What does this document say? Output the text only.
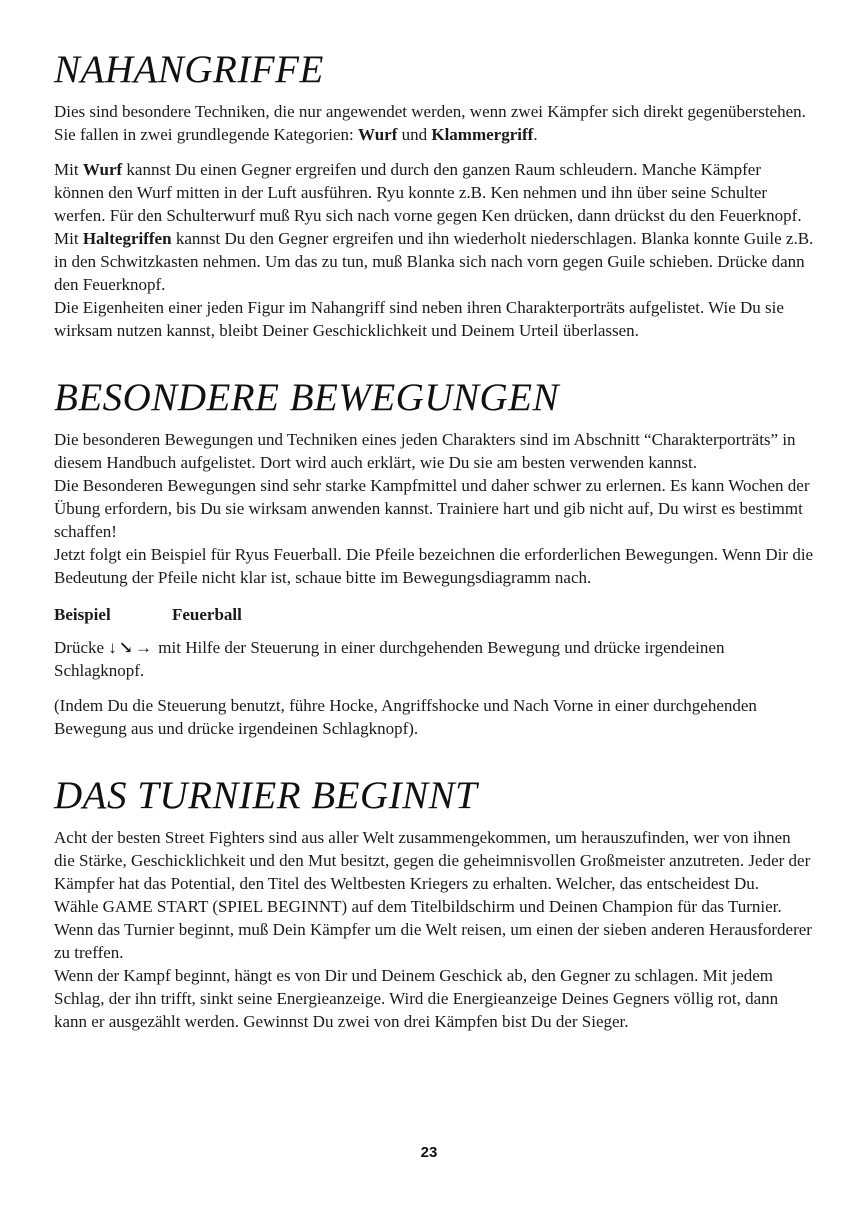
NAHANGRIFFE

Dies sind besondere Techniken, die nur angewendet werden, wenn zwei Kämpfer sich direkt gegenüberstehen. Sie fallen in zwei grundlegende Kategorien: Wurf und Klammergriff.

Mit Wurf kannst Du einen Gegner ergreifen und durch den ganzen Raum schleudern. Manche Kämpfer können den Wurf mitten in der Luft ausführen. Ryu konnte z.B. Ken nehmen und ihn über seine Schulter werfen. Für den Schulterwurf muß Ryu sich nach vorne gegen Ken drücken, dann drückst du den Feuerknopf.

Mit Haltegriffen kannst Du den Gegner ergreifen und ihn wiederholt niederschlagen. Blanka konnte Guile z.B. in den Schwitzkasten nehmen. Um das zu tun, muß Blanka sich nach vorn gegen Guile schieben. Drücke dann den Feuerknopf.

Die Eigenheiten einer jeden Figur im Nahangriff sind neben ihren Charakterporträts aufgelistet. Wie Du sie wirksam nutzen kannst, bleibt Deiner Geschicklichkeit und Deinem Urteil überlassen.

BESONDERE BEWEGUNGEN

Die besonderen Bewegungen und Techniken eines jeden Charakters sind im Abschnitt “Charakterporträts” in diesem Handbuch aufgelistet. Dort wird auch erklärt, wie Du sie am besten verwenden kannst.

Die Besonderen Bewegungen sind sehr starke Kampfmittel und daher schwer zu erlernen. Es kann Wochen der Übung erfordern, bis Du sie wirksam anwenden kannst. Trainiere hart und gib nicht auf, Du wirst es bestimmt schaffen!

Jetzt folgt ein Beispiel für Ryus Feuerball. Die Pfeile bezeichnen die erforderlichen Bewegungen. Wenn Dir die Bedeutung der Pfeile nicht klar ist, schaue bitte im Bewegungsdiagramm nach.

Beispiel	Feuerball

Drücke ↓↘→ mit Hilfe der Steuerung in einer durchgehenden Bewegung und drücke irgendeinen Schlagknopf.

(Indem Du die Steuerung benutzt, führe Hocke, Angriffshocke und Nach Vorne in einer durchgehenden Bewegung aus und drücke irgendeinen Schlagknopf).

DAS TURNIER BEGINNT

Acht der besten Street Fighters sind aus aller Welt zusammengekommen, um herauszufinden, wer von ihnen die Stärke, Geschicklichkeit und den Mut besitzt, gegen die geheimnisvollen Großmeister anzutreten. Jeder der Kämpfer hat das Potential, den Titel des Weltbesten Kriegers zu erhalten. Welcher, das entscheidest Du.

Wähle GAME START (SPIEL BEGINNT) auf dem Titelbildschirm und Deinen Champion für das Turnier. Wenn das Turnier beginnt, muß Dein Kämpfer um die Welt reisen, um einen der sieben anderen Herausforderer zu treffen.

Wenn der Kampf beginnt, hängt es von Dir und Deinem Geschick ab, den Gegner zu schlagen. Mit jedem Schlag, der ihn trifft, sinkt seine Energieanzeige. Wird die Energieanzeige Deines Gegners völlig rot, dann kann er ausgezählt werden. Gewinnst Du zwei von drei Kämpfen bist Du der Sieger.

23
